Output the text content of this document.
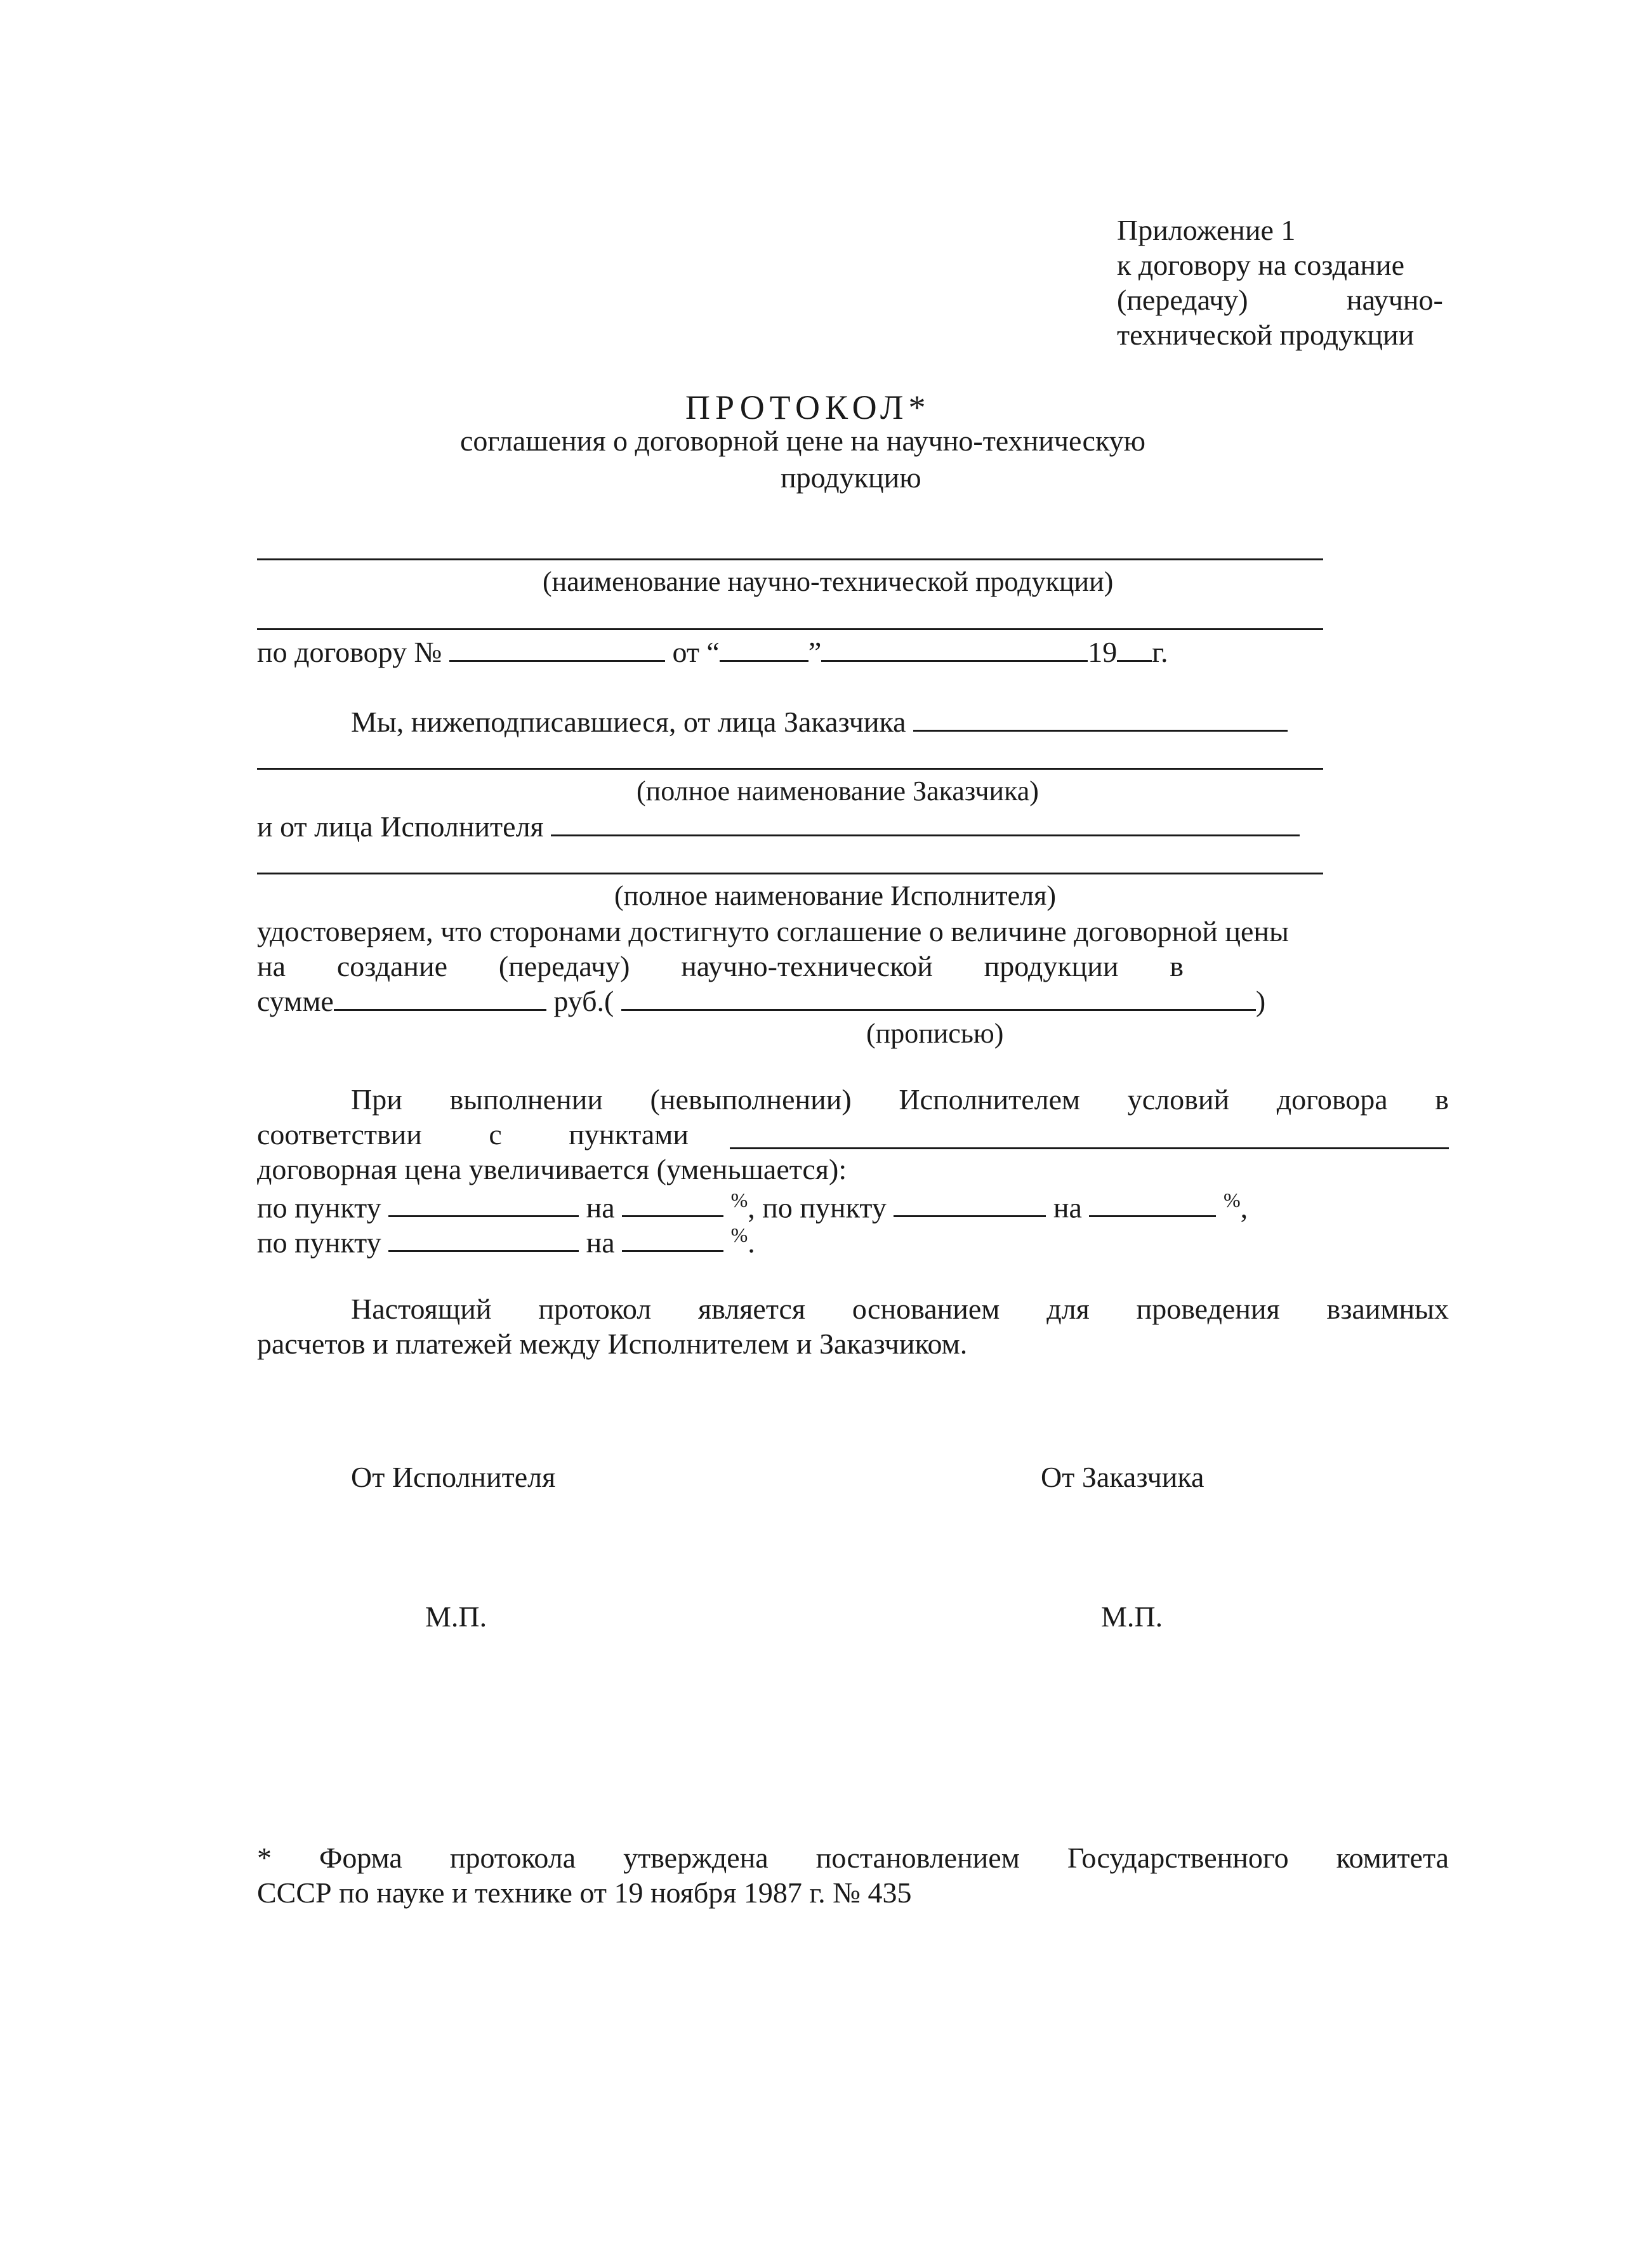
Приложение 1
к договору на создание
(передачу)	научно-
технической продукции
ПРОТОКОЛ*
соглашения о договорной цене на научно-техническую
продукцию
(наименование научно-технической продукции)
по договору №	от “	”	19 г.
Мы, нижеподписавшиеся, от лица Заказчика
(полное наименование Заказчика)
и от лица Исполнителя
(полное наименование Исполнителя)
удостоверяем, что сторонами достигнуто соглашение о величине договорной цены
на создание (передачу) научно-технической продукции в
сумме	руб.(	)
(прописью)
При выполнении (невыполнении) Исполнителем условий договора в
соответствии с пунктами
договорная цена увеличивается (уменьшается):
по пункту	на	%, по пункту	на	%,
по пункту	на	%.
Настоящий протокол является основанием для проведения взаимных
расчетов и платежей между Исполнителем и Заказчиком.
От Исполнителя	От Заказчика
М.П.	М.П.
* Форма протокола утверждена постановлением Государственного комитета
СССР по науке и технике от 19 ноября 1987 г. № 435
